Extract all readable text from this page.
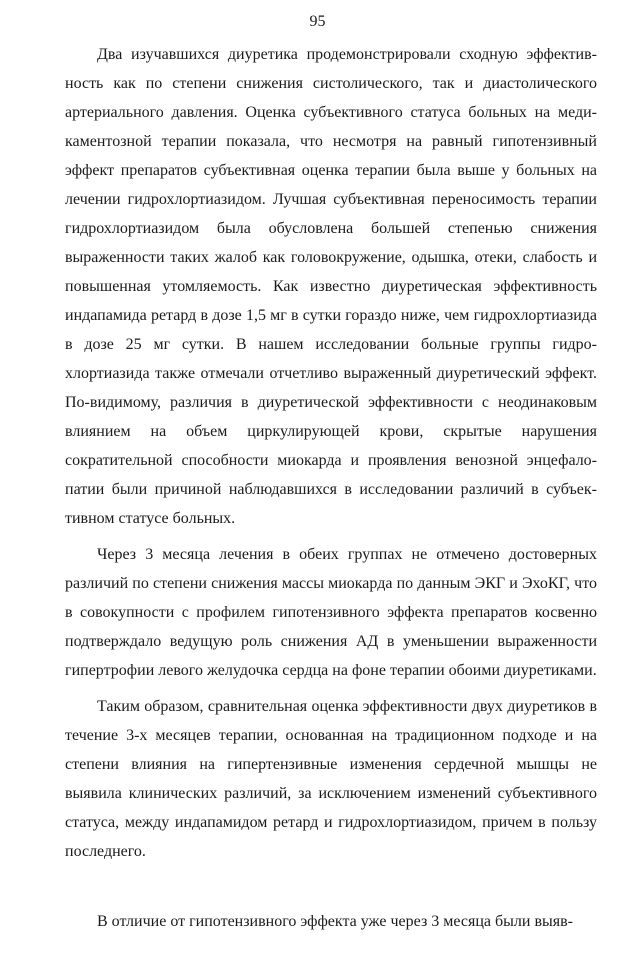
95

Два изучавшихся диуретика продемонстрировали сходную эффективность как по степени снижения систолического, так и диастолического артериального давления. Оценка субъективного статуса больных на медикаментозной терапии показала, что несмотря на равный гипотензивный эффект препаратов субъективная оценка терапии была выше у больных на лечении гидрохлортиазидом. Лучшая субъективная переносимость терапии гидрохлортиазидом была обусловлена большей степенью снижения выраженности таких жалоб как головокружение, одышка, отеки, слабость и повышенная утомляемость. Как известно диуретическая эффективность индапамида ретард в дозе 1,5 мг в сутки гораздо ниже, чем гидрохлортиазида в дозе 25 мг сутки. В нашем исследовании больные группы гидрохлортиазида также отмечали отчетливо выраженный диуретический эффект. По-видимому, различия в диуретической эффективности с неодинаковым влиянием на объем циркулирующей крови, скрытые нарушения сократительной способности миокарда и проявления венозной энцефалопатии были причиной наблюдавшихся в исследовании различий в субъективном статусе больных.

Через 3 месяца лечения в обеих группах не отмечено достоверных различий по степени снижения массы миокарда по данным ЭКГ и ЭхоКГ, что в совокупности с профилем гипотензивного эффекта препаратов косвенно подтверждало ведущую роль снижения АД в уменьшении выраженности гипертрофии левого желудочка сердца на фоне терапии обоими диуретиками.

Таким образом, сравнительная оценка эффективности двух диуретиков в течение 3-х месяцев терапии, основанная на традиционном подходе и на степени влияния на гипертензивные изменения сердечной мышцы не выявила клинических различий, за исключением изменений субъективного статуса, между индапамидом ретард и гидрохлортиазидом, причем в пользу последнего.

В отличие от гипотензивного эффекта уже через 3 месяца были выяв-
